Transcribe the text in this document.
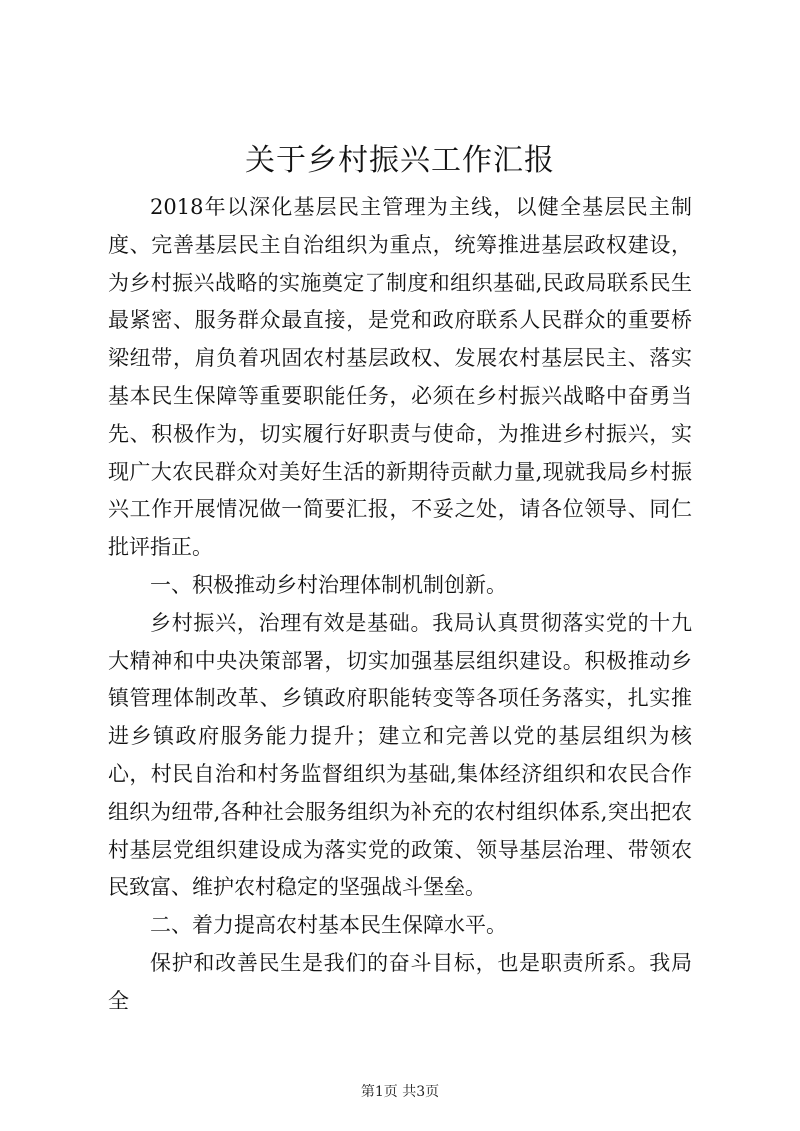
关于乡村振兴工作汇报

2018年以深化基层民主管理为主线，以健全基层民主制度、完善基层民主自治组织为重点，统筹推进基层政权建设，为乡村振兴战略的实施奠定了制度和组织基础,民政局联系民生最紧密、服务群众最直接，是党和政府联系人民群众的重要桥梁纽带，肩负着巩固农村基层政权、发展农村基层民主、落实基本民生保障等重要职能任务，必须在乡村振兴战略中奋勇当先、积极作为，切实履行好职责与使命，为推进乡村振兴，实现广大农民群众对美好生活的新期待贡献力量,现就我局乡村振兴工作开展情况做一简要汇报，不妥之处，请各位领导、同仁批评指正。

一、积极推动乡村治理体制机制创新。

乡村振兴，治理有效是基础。我局认真贯彻落实党的十九大精神和中央决策部署，切实加强基层组织建设。积极推动乡镇管理体制改革、乡镇政府职能转变等各项任务落实，扎实推进乡镇政府服务能力提升；建立和完善以党的基层组织为核心，村民自治和村务监督组织为基础,集体经济组织和农民合作组织为纽带,各种社会服务组织为补充的农村组织体系,突出把农村基层党组织建设成为落实党的政策、领导基层治理、带领农民致富、维护农村稳定的坚强战斗堡垒。

二、着力提高农村基本民生保障水平。

保护和改善民生是我们的奋斗目标，也是职责所系。我局全

第1页 共3页
